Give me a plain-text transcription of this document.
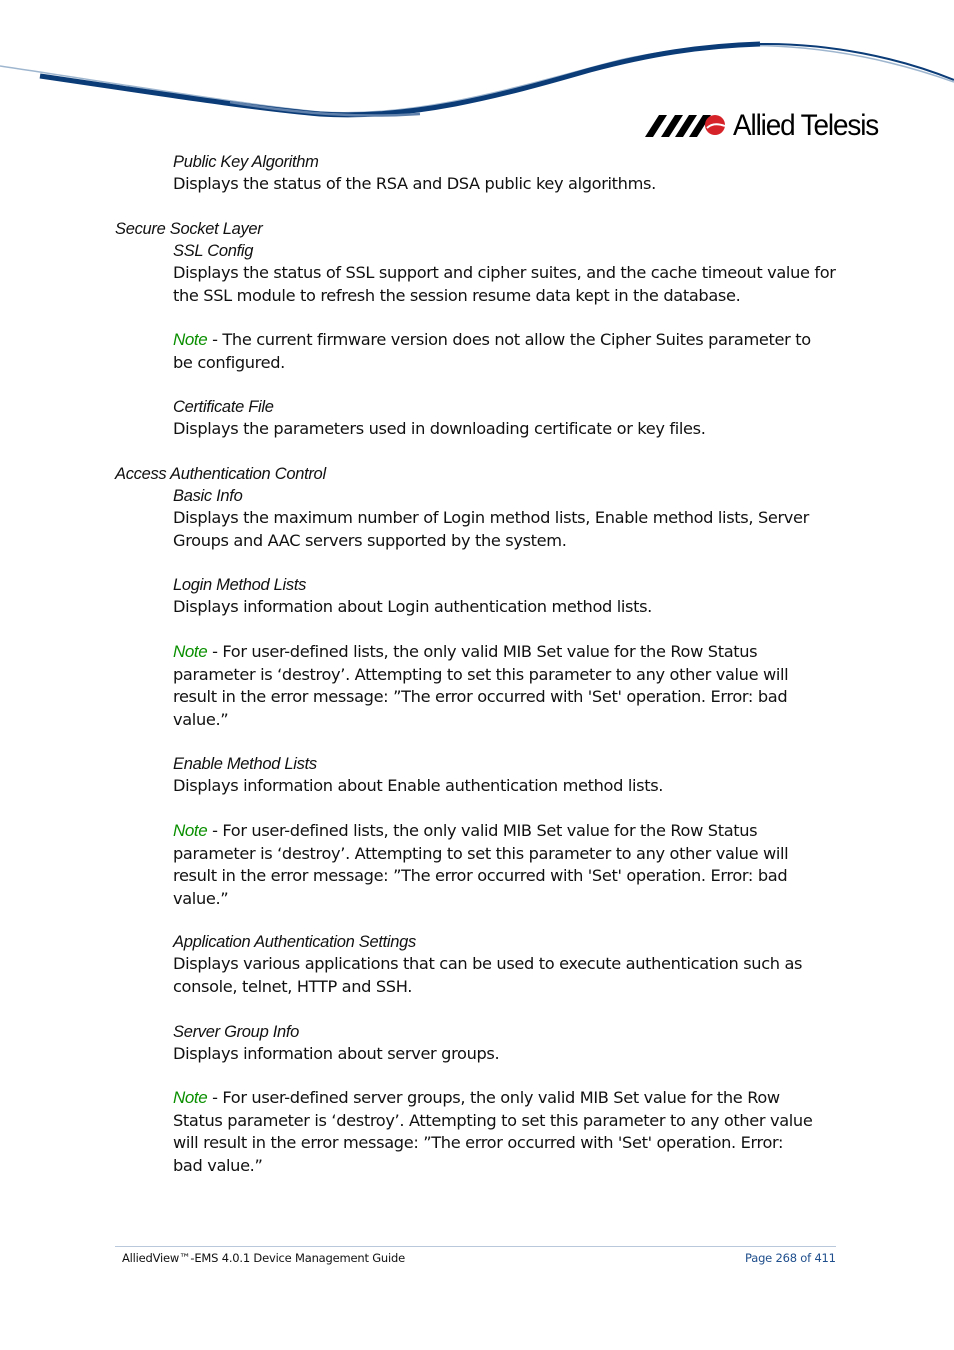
Allied Telesis
Public Key Algorithm
Displays the status of the RSA and DSA public key algorithms.
Secure Socket Layer
SSL Config
Displays the status of SSL support and cipher suites, and the cache timeout value for
the SSL module to refresh the session resume data kept in the database.
Note - The current firmware version does not allow the Cipher Suites parameter to
be configured.
Certificate File
Displays the parameters used in downloading certificate or key files.
Access Authentication Control
Basic Info
Displays the maximum number of Login method lists, Enable method lists, Server
Groups and AAC servers supported by the system.
Login Method Lists
Displays information about Login authentication method lists.
Note - For user-defined lists, the only valid MIB Set value for the Row Status
parameter is ‘destroy’. Attempting to set this parameter to any other value will
result in the error message: ”The error occurred with 'Set' operation. Error: bad
value.”
Enable Method Lists
Displays information about Enable authentication method lists.
Note - For user-defined lists, the only valid MIB Set value for the Row Status
parameter is ‘destroy’. Attempting to set this parameter to any other value will
result in the error message: ”The error occurred with 'Set' operation. Error: bad
value.”
Application Authentication Settings
Displays various applications that can be used to execute authentication such as
console, telnet, HTTP and SSH.
Server Group Info
Displays information about server groups.
Note - For user-defined server groups, the only valid MIB Set value for the Row
Status parameter is ‘destroy’. Attempting to set this parameter to any other value
will result in the error message: ”The error occurred with 'Set' operation. Error:
bad value.”
AlliedView™-EMS 4.0.1 Device Management Guide	Page 268 of 411
